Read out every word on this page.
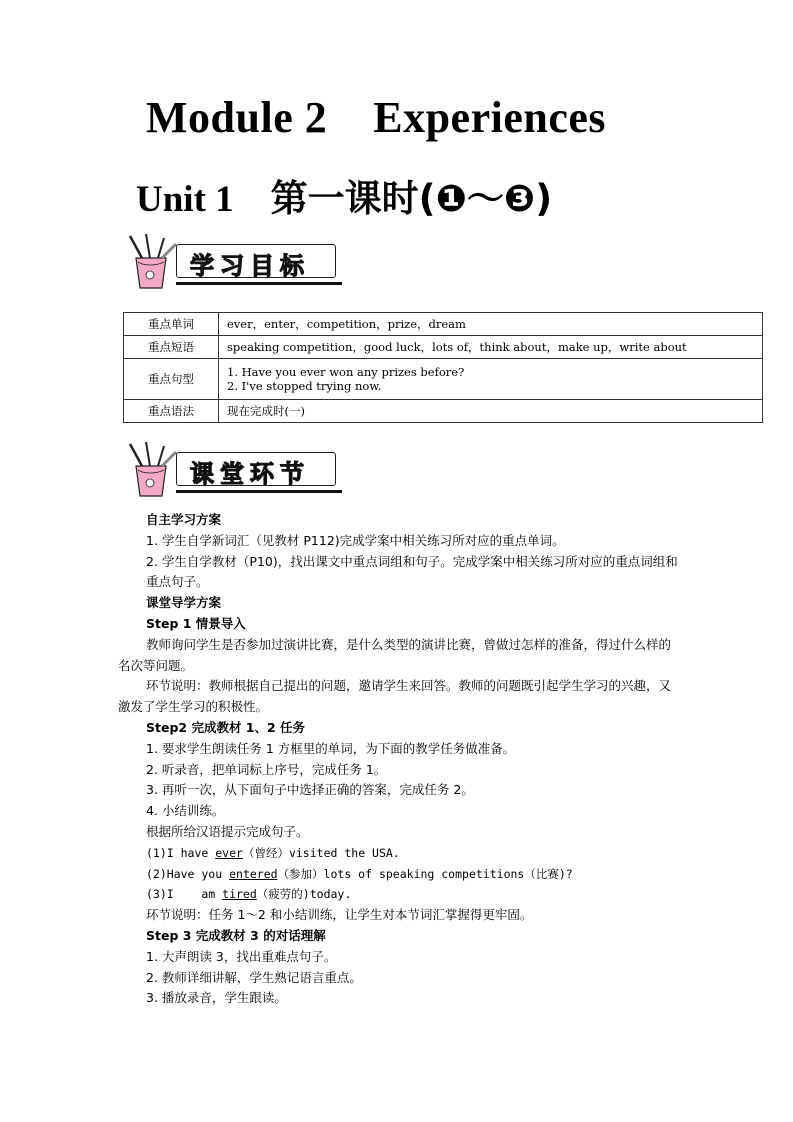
Module 2    Experiences
Unit 1    第一课时(❶～❸)
学习目标
重点单词	ever，enter，competition，prize，dream
重点短语	speaking competition，good luck，lots of，think about，make up，write about
重点句型	1. Have you ever won any prizes before?
2. I've stopped trying now.

重点语法	现在完成时(一)
课堂环节

自主学习方案

1. 学生自学新词汇（见教材 P112)完成学案中相关练习所对应的重点单词。

2. 学生自学教材（P10)，找出课文中重点词组和句子。完成学案中相关练习所对应的重点词组和重点句子。

课堂导学方案

Step 1 情景导入

教师询问学生是否参加过演讲比赛，是什么类型的演讲比赛，曾做过怎样的准备，得过什么样的名次等问题。

环节说明：教师根据自己提出的问题，邀请学生来回答。教师的问题既引起学生学习的兴趣，又激发了学生学习的积极性。

Step2 完成教材 1、2 任务

1. 要求学生朗读任务 1 方框里的单词，为下面的教学任务做准备。

2. 听录音，把单词标上序号，完成任务 1。

3. 再听一次，从下面句子中选择正确的答案，完成任务 2。

4. 小结训练。

根据所给汉语提示完成句子。

(1)I have ever（曾经）visited the USA.

(2)Have you entered（参加）lots of speaking competitions（比赛)?

(3)I    am tired（疲劳的)today.

环节说明：任务 1～2 和小结训练，让学生对本节词汇掌握得更牢固。

Step 3 完成教材 3 的对话理解

1. 大声朗读 3，找出重难点句子。

2. 教师详细讲解，学生熟记语言重点。

3. 播放录音，学生跟读。
